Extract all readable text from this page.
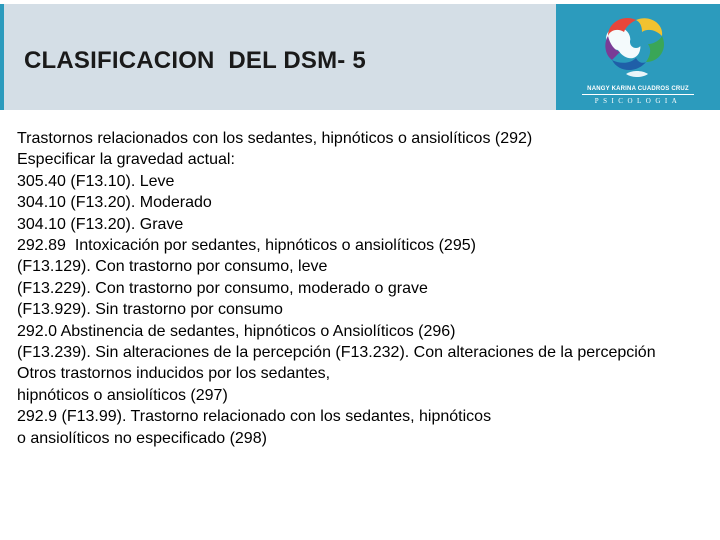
CLASIFICACION  DEL DSM- 5
NANGY KARINA CUADROS CRUZ
PSICOLOGIA

Trastornos relacionados con los sedantes, hipnóticos o ansiolíticos (292)

Especificar la gravedad actual:

305.40 (F13.10). Leve

304.10 (F13.20). Moderado

304.10 (F13.20). Grave

292.89  Intoxicación por sedantes, hipnóticos o ansiolíticos (295)

(F13.129). Con trastorno por consumo, leve

(F13.229). Con trastorno por consumo, moderado o grave

(F13.929). Sin trastorno por consumo

292.0 Abstinencia de sedantes, hipnóticos o Ansiolíticos (296)

(F13.239). Sin alteraciones de la percepción (F13.232). Con alteraciones de la percepción

Otros trastornos inducidos por los sedantes,

hipnóticos o ansiolíticos (297)

292.9 (F13.99). Trastorno relacionado con los sedantes, hipnóticos

o ansiolíticos no especificado (298)
